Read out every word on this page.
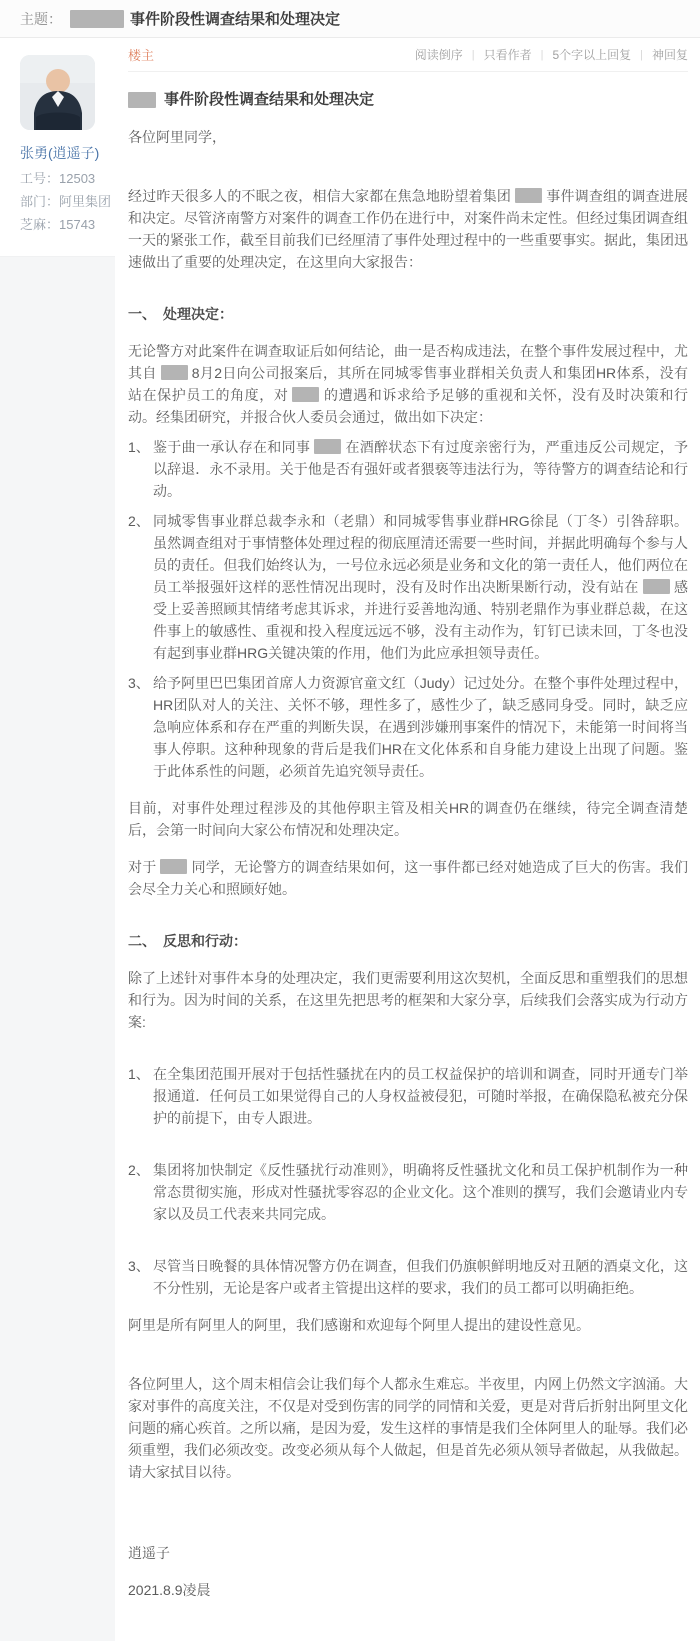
主题：	事件阶段性调查结果和处理决定
张勇(逍遥子)
工号：12503
部门：阿里集团
芝麻：15743
楼主	阅读倒序 | 只看作者 | 5个字以上回复 | 神回复
事件阶段性调查结果和处理决定
各位阿里同学，
经过昨天很多人的不眠之夜，相信大家都在焦急地盼望着集团	事件调查组的调查进展和决定。尽管济南警方对案件的调查工作仍在进行中，对案件尚未定性。但经过集团调查组一天的紧张工作，截至目前我们已经厘清了事件处理过程中的一些重要事实。据此，集团迅速做出了重要的处理决定，在这里向大家报告：
一、　处理决定：
无论警方对此案件在调查取证后如何结论，曲一是否构成违法，在整个事件发展过程中，尤其自	8月2日向公司报案后，其所在同城零售事业群相关负责人和集团HR体系，没有站在保护员工的角度，对	的遭遇和诉求给予足够的重视和关怀，没有及时决策和行动。经集团研究，并报合伙人委员会通过，做出如下决定：
1、 鉴于曲一承认存在和同事	在酒醉状态下有过度亲密行为，严重违反公司规定，予以辞退．永不录用。关于他是否有强奸或者猥亵等违法行为，等待警方的调查结论和行动。
2、 同城零售事业群总裁李永和（老鼎）和同城零售事业群HRG徐昆（丁冬）引咎辞职。虽然调查组对于事情整体处理过程的彻底厘清还需要一些时间，并据此明确每个参与人员的责任。但我们始终认为，一号位永远必须是业务和文化的第一责任人，他们两位在员工举报强奸这样的恶性情况出现时，没有及时作出决断果断行动，没有站在	感受上妥善照顾其情绪考虑其诉求，并进行妥善地沟通、特别老鼎作为事业群总裁，在这件事上的敏感性、重视和投入程度远远不够，没有主动作为，钉钉已读未回，丁冬也没有起到事业群HRG关键决策的作用，他们为此应承担领导责任。
3、 给予阿里巴巴集团首席人力资源官童文红（Judy）记过处分。在整个事件处理过程中，HR团队对人的关注、关怀不够，理性多了，感性少了，缺乏感同身受。同时，缺乏应急响应体系和存在严重的判断失误，在遇到涉嫌刑事案件的情况下，未能第一时间将当事人停职。这种种现象的背后是我们HR在文化体系和自身能力建设上出现了问题。鉴于此体系性的问题，必须首先追究领导责任。
目前，对事件处理过程涉及的其他停职主管及相关HR的调查仍在继续，待完全调查清楚后，会第一时间向大家公布情况和处理决定。
对于	同学，无论警方的调查结果如何，这一事件都已经对她造成了巨大的伤害。我们会尽全力关心和照顾好她。
二、　反思和行动：
除了上述针对事件本身的处理决定，我们更需要利用这次契机，全面反思和重塑我们的思想和行为。因为时间的关系，在这里先把思考的框架和大家分享，后续我们会落实成为行动方案:
1、 在全集团范围开展对于包括性骚扰在内的员工权益保护的培训和调查，同时开通专门举报通道．任何员工如果觉得自己的人身权益被侵犯，可随时举报，在确保隐私被充分保护的前提下，由专人跟进。
2、 集团将加快制定《反性骚扰行动准则》，明确将反性骚扰文化和员工保护机制作为一种常态贯彻实施，形成对性骚扰零容忍的企业文化。这个准则的撰写，我们会邀请业内专家以及员工代表来共同完成。
3、 尽管当日晚餐的具体情况警方仍在调查，但我们仍旗帜鲜明地反对丑陋的酒桌文化，这不分性别，无论是客户或者主管提出这样的要求，我们的员工都可以明确拒绝。
阿里是所有阿里人的阿里，我们感谢和欢迎每个阿里人提出的建设性意见。
各位阿里人，这个周末相信会让我们每个人都永生难忘。半夜里，内网上仍然文字汹涌。大家对事件的高度关注，不仅是对受到伤害的同学的同情和关爱，更是对背后折射出阿里文化问题的痛心疾首。之所以痛，是因为爱，发生这样的事情是我们全体阿里人的耻辱。我们必须重塑，我们必须改变。改变必须从每个人做起，但是首先必须从领导者做起，从我做起。请大家拭目以待。
逍遥子
2021.8.9凌晨
